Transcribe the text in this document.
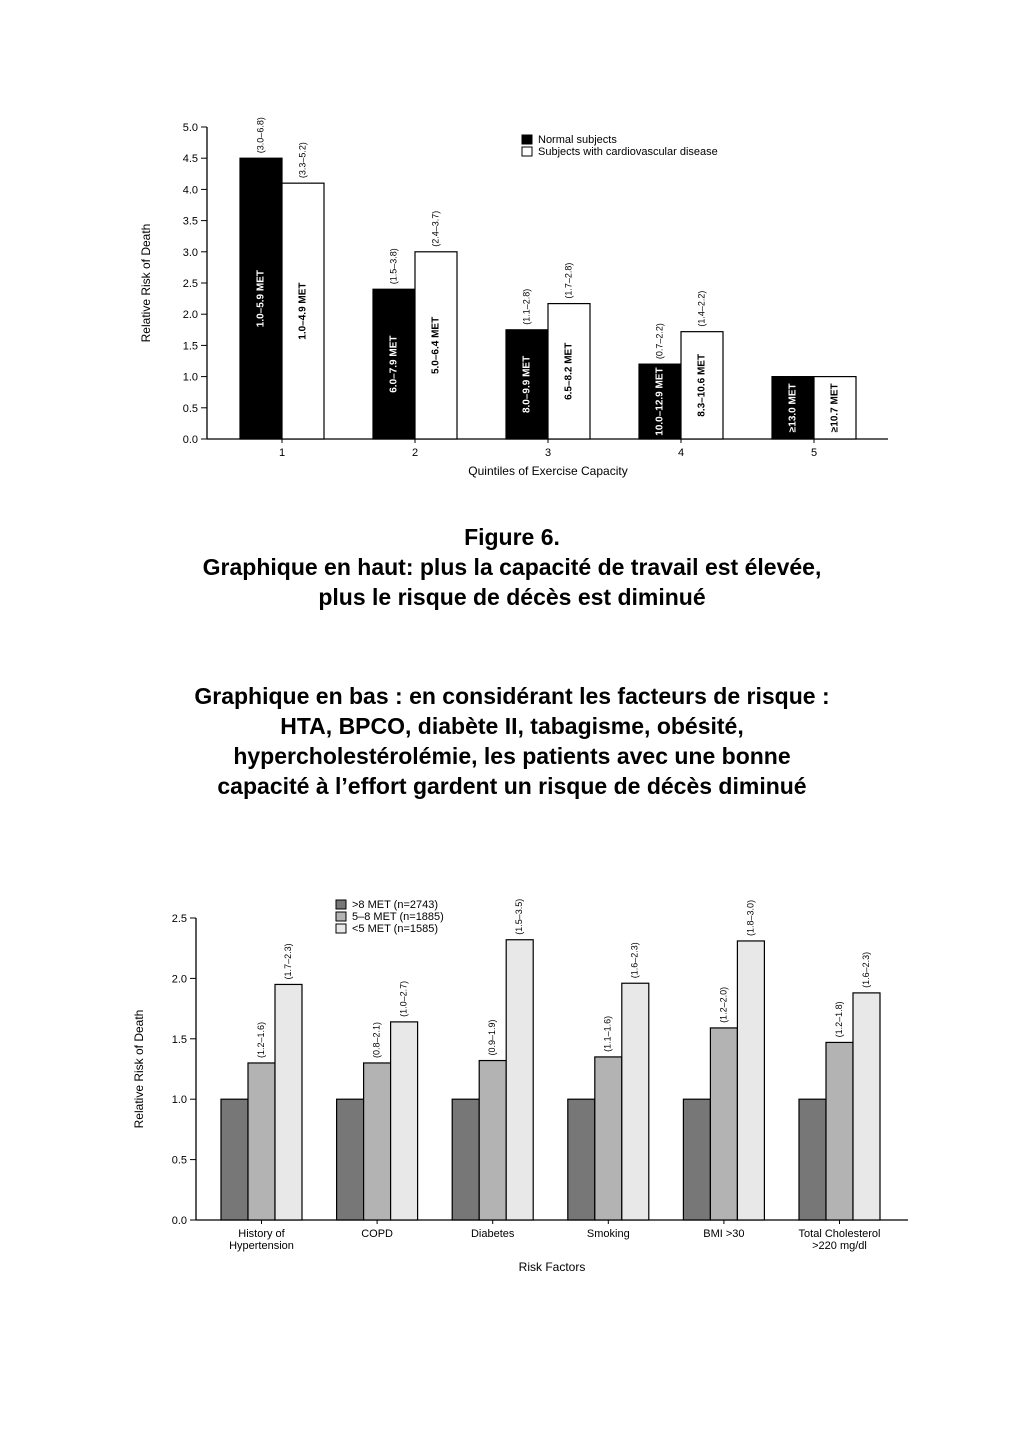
0.0
0.5
1.0
1.5
2.0
2.5
3.0
3.5
4.0
4.5
5.0
Relative Risk of Death
Quintiles of Exercise Capacity
1
(3.0–6.8)
1.0–5.9 MET
(3.3–5.2)
1.0–4.9 MET
2
(1.5–3.8)
6.0–7.9 MET
(2.4–3.7)
5.0–6.4 MET
3
(1.1–2.8)
8.0–9.9 MET
(1.7–2.8)
6.5–8.2 MET
4
(0.7–2.2)
10.0–12.9 MET
(1.4–2.2)
8.3–10.6 MET
5
≥13.0 MET	≥10.7 MET
Normal subjects
Subjects with cardiovascular disease
Figure 6.
Graphique en haut: plus la capacité de travail est élevée,
plus le risque de décès est diminué
Graphique en bas : en considérant les facteurs de risque :
HTA, BPCO, diabète II, tabagisme, obésité,
hypercholestérolémie, les patients avec une bonne
capacité à l’effort gardent un risque de décès diminué
0.0
0.5
1.0
1.5
2.0
2.5
Relative Risk of Death
Risk Factors
History of
Hypertension
(1.2–1.6)
(1.7–2.3)
COPD
(0.8–2.1)
(1.0–2.7)
Diabetes
(0.9–1.9)
(1.5–3.5)
Smoking
(1.1–1.6)
(1.6–2.3)
BMI >30
(1.2–2.0)
(1.8–3.0)
Total Cholesterol
>220 mg/dl
(1.2–1.8)
(1.6–2.3)
>8 MET (n=2743)
5–8 MET (n=1885)
<5 MET (n=1585)
